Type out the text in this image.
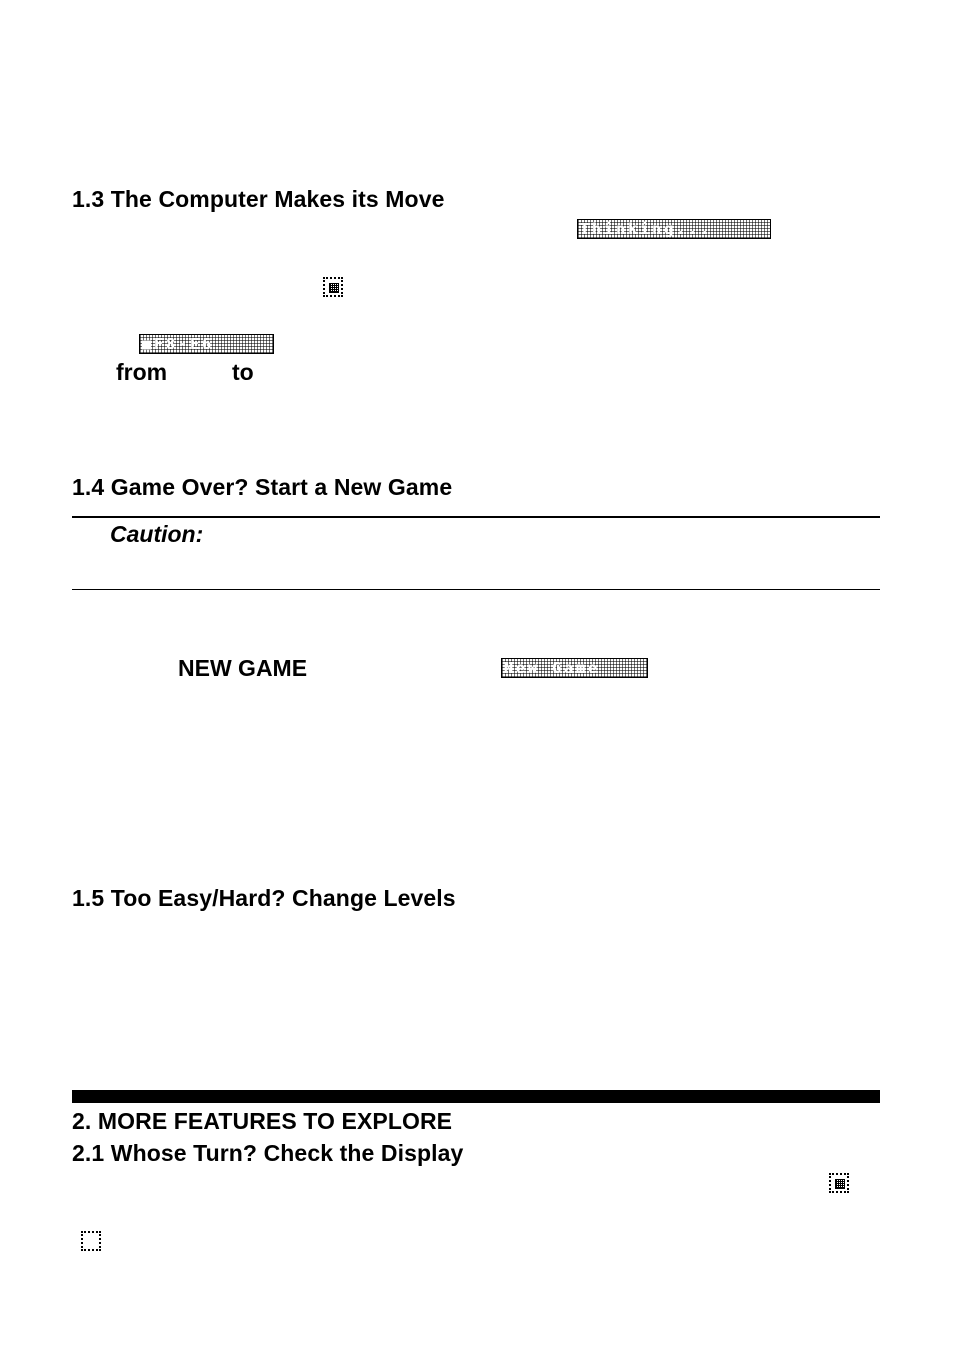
1.3 The Computer Makes its Move
Thinking...
■F8-E6
from	to
1.4 Game Over? Start a New Game
Caution:
NEW GAME	New Game
1.5 Too Easy/Hard? Change Levels
2. MORE FEATURES TO EXPLORE
2.1 Whose Turn? Check the Display
